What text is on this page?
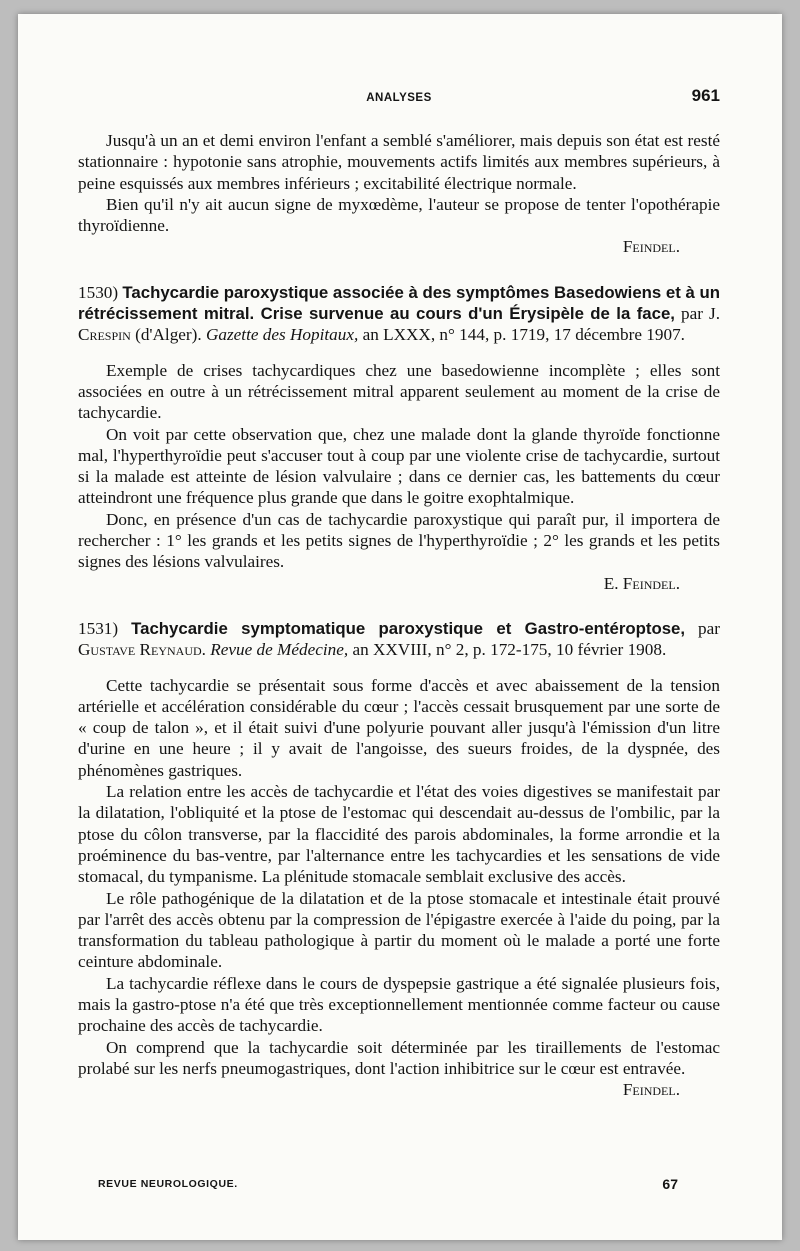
ANALYSES	961

Jusqu'à un an et demi environ l'enfant a semblé s'améliorer, mais depuis son état est resté stationnaire : hypotonie sans atrophie, mouvements actifs limités aux membres supérieurs, à peine esquissés aux membres inférieurs ; excitabilité électrique normale.

Bien qu'il n'y ait aucun signe de myxœdème, l'auteur se propose de tenter l'opothérapie thyroïdienne.

Feindel.

1530) Tachycardie paroxystique associée à des symptômes Basedowiens et à un rétrécissement mitral. Crise survenue au cours d'un Érysipèle de la face, par J. Crespin (d'Alger). Gazette des Hopitaux, an LXXX, n° 144, p. 1719, 17 décembre 1907.

Exemple de crises tachycardiques chez une basedowienne incomplète ; elles sont associées en outre à un rétrécissement mitral apparent seulement au moment de la crise de tachycardie.

On voit par cette observation que, chez une malade dont la glande thyroïde fonctionne mal, l'hyperthyroïdie peut s'accuser tout à coup par une violente crise de tachycardie, surtout si la malade est atteinte de lésion valvulaire ; dans ce dernier cas, les battements du cœur atteindront une fréquence plus grande que dans le goitre exophtalmique.

Donc, en présence d'un cas de tachycardie paroxystique qui paraît pur, il importera de rechercher : 1° les grands et les petits signes de l'hyperthyroïdie ; 2° les grands et les petits signes des lésions valvulaires.

E. Feindel.

1531) Tachycardie symptomatique paroxystique et Gastro-entéroptose, par Gustave Reynaud. Revue de Médecine, an XXVIII, n° 2, p. 172-175, 10 février 1908.

Cette tachycardie se présentait sous forme d'accès et avec abaissement de la tension artérielle et accélération considérable du cœur ; l'accès cessait brusquement par une sorte de « coup de talon », et il était suivi d'une polyurie pouvant aller jusqu'à l'émission d'un litre d'urine en une heure ; il y avait de l'angoisse, des sueurs froides, de la dyspnée, des phénomènes gastriques.

La relation entre les accès de tachycardie et l'état des voies digestives se manifestait par la dilatation, l'obliquité et la ptose de l'estomac qui descendait au-dessus de l'ombilic, par la ptose du côlon transverse, par la flaccidité des parois abdominales, la forme arrondie et la proéminence du bas-ventre, par l'alternance entre les tachycardies et les sensations de vide stomacal, du tympanisme. La plénitude stomacale semblait exclusive des accès.

Le rôle pathogénique de la dilatation et de la ptose stomacale et intestinale était prouvé par l'arrêt des accès obtenu par la compression de l'épigastre exercée à l'aide du poing, par la transformation du tableau pathologique à partir du moment où le malade a porté une forte ceinture abdominale.

La tachycardie réflexe dans le cours de dyspepsie gastrique a été signalée plusieurs fois, mais la gastro-ptose n'a été que très exceptionnellement mentionnée comme facteur ou cause prochaine des accès de tachycardie.

On comprend que la tachycardie soit déterminée par les tiraillements de l'estomac prolabé sur les nerfs pneumogastriques, dont l'action inhibitrice sur le cœur est entravée.

Feindel.

REVUE NEUROLOGIQUE.	67
